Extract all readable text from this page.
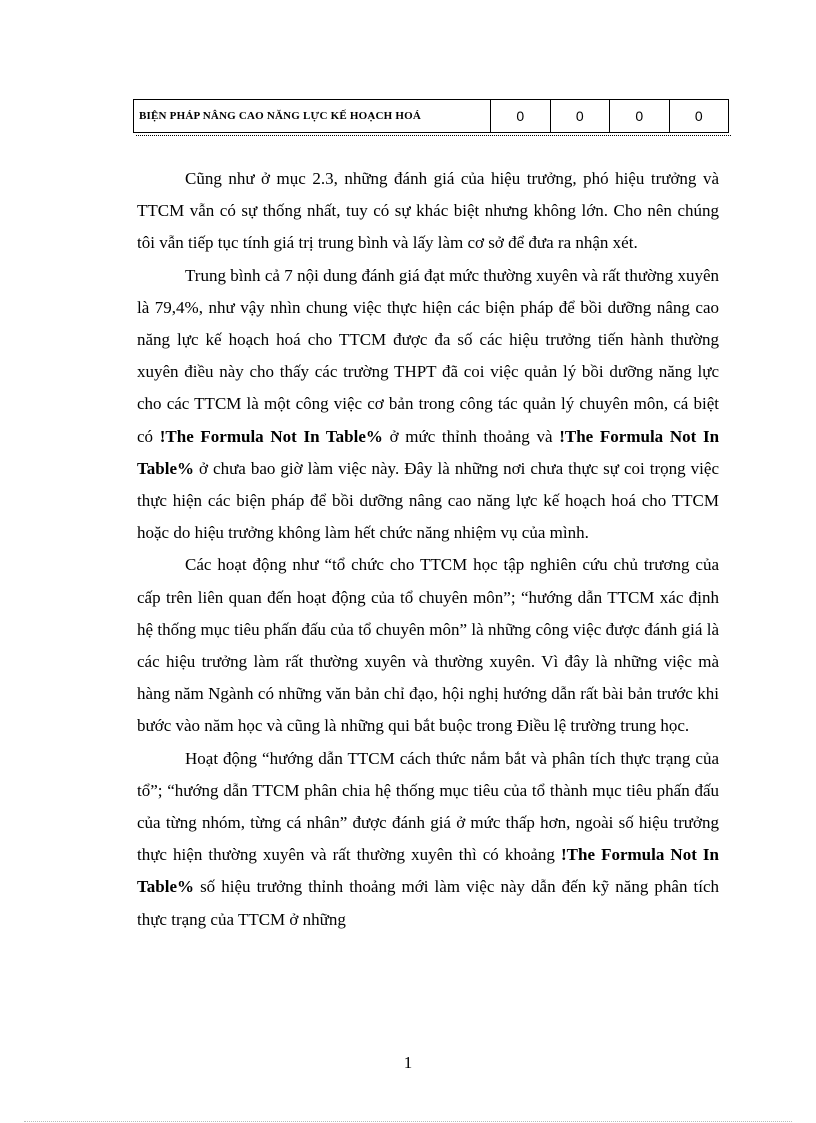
BIỆN PHÁP NÂNG CAO NĂNG LỰC KẾ HOẠCH HOÁ	0	0	0	0

Cũng như ở mục 2.3, những đánh giá của hiệu trưởng, phó hiệu trưởng và TTCM vẫn có sự thống nhất, tuy có sự khác biệt nhưng không lớn. Cho nên chúng tôi vẫn tiếp tục tính giá trị trung bình và lấy làm cơ sở để đưa ra nhận xét.

Trung bình cả 7 nội dung đánh giá đạt mức thường xuyên và rất thường xuyên là 79,4%, như vậy nhìn chung việc thực hiện các biện pháp để bồi dưỡng nâng cao năng lực kế hoạch hoá cho TTCM được đa số các hiệu trưởng tiến hành thường xuyên điều này cho thấy các trường THPT đã coi việc quản lý bồi dưỡng năng lực cho các TTCM là một công việc cơ bản trong công tác quản lý chuyên môn, cá biệt có !The Formula Not In Table% ở mức thỉnh thoảng và !The Formula Not In Table% ở chưa bao giờ làm việc này. Đây là những nơi chưa thực sự coi trọng việc thực hiện các biện pháp để bồi dưỡng nâng cao năng lực kế hoạch hoá cho TTCM hoặc do hiệu trưởng không làm hết chức năng nhiệm vụ của mình.

Các hoạt động như “tổ chức cho TTCM học tập nghiên cứu chủ trương của cấp trên liên quan đến hoạt động của tổ chuyên môn”; “hướng dẫn TTCM xác định hệ thống mục tiêu phấn đấu của tổ chuyên môn” là những công việc được đánh giá là các hiệu trưởng làm rất thường xuyên và thường xuyên. Vì đây là những việc mà hàng năm Ngành có những văn bản chỉ đạo, hội nghị hướng dẫn rất bài bản trước khi bước vào năm học và cũng là những qui bắt buộc trong Điều lệ trường trung học.

Hoạt động “hướng dẫn TTCM cách thức nắm bắt và phân tích thực trạng của tổ”; “hướng dẫn TTCM phân chia hệ thống mục tiêu của tổ thành mục tiêu phấn đấu của từng nhóm, từng cá nhân” được đánh giá ở mức thấp hơn, ngoài số hiệu trưởng thực hiện thường xuyên và rất thường xuyên thì có khoảng !The Formula Not In Table% số hiệu trưởng thỉnh thoảng mới làm việc này dẫn đến kỹ năng phân tích thực trạng của TTCM ở những

1
